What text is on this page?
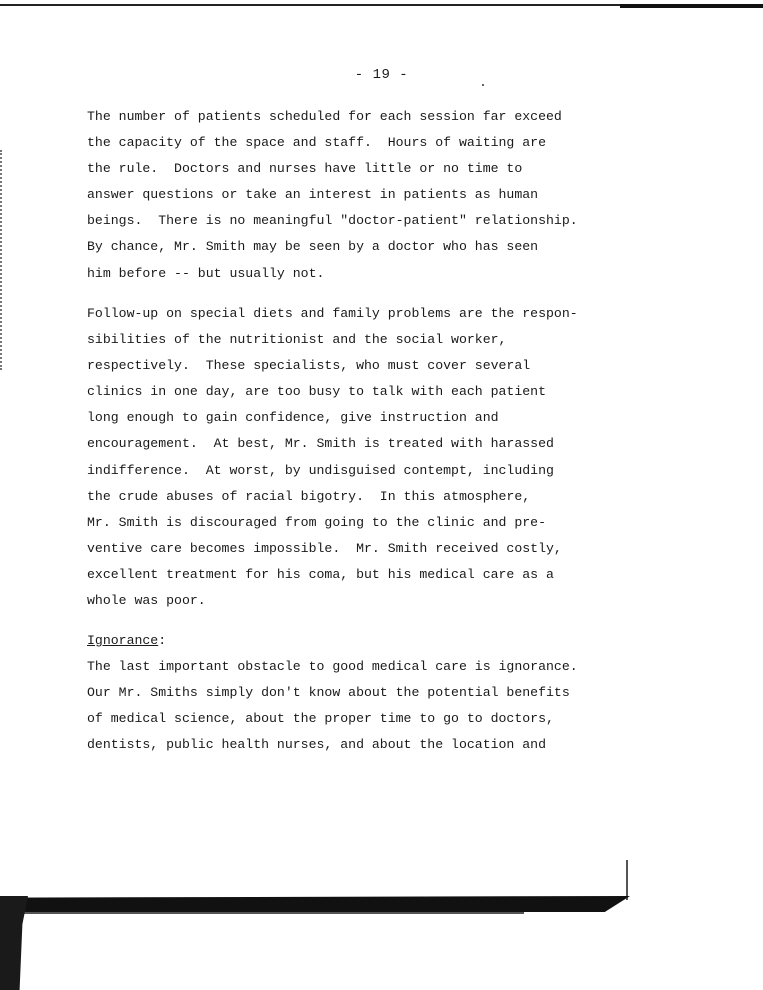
- 19 -
The number of patients scheduled for each session far exceed
the capacity of the space and staff.  Hours of waiting are
the rule.  Doctors and nurses have little or no time to
answer questions or take an interest in patients as human
beings.  There is no meaningful "doctor-patient" relationship.
By chance, Mr. Smith may be seen by a doctor who has seen
him before -- but usually not.
Follow-up on special diets and family problems are the respon-
sibilities of the nutritionist and the social worker,
respectively.  These specialists, who must cover several
clinics in one day, are too busy to talk with each patient
long enough to gain confidence, give instruction and
encouragement.  At best, Mr. Smith is treated with harassed
indifference.  At worst, by undisguised contempt, including
the crude abuses of racial bigotry.  In this atmosphere,
Mr. Smith is discouraged from going to the clinic and pre-
ventive care becomes impossible.  Mr. Smith received costly,
excellent treatment for his coma, but his medical care as a
whole was poor.
Ignorance:
The last important obstacle to good medical care is ignorance.
Our Mr. Smiths simply don't know about the potential benefits
of medical science, about the proper time to go to doctors,
dentists, public health nurses, and about the location and
